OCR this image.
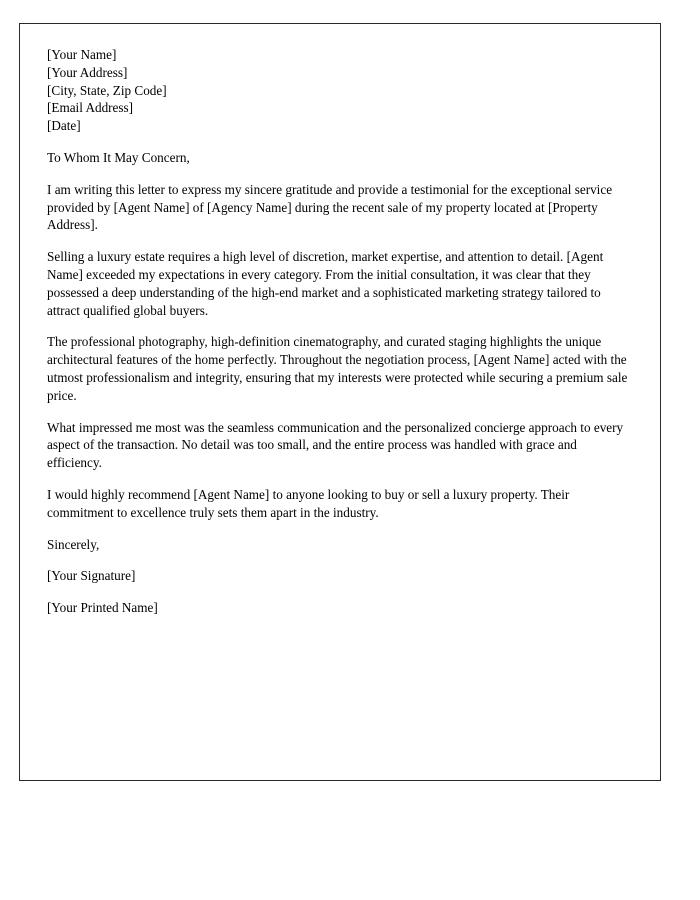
[Your Name]
[Your Address]
[City, State, Zip Code]
[Email Address]
[Date]
To Whom It May Concern,

I am writing this letter to express my sincere gratitude and provide a testimonial for the exceptional service provided by [Agent Name] of [Agency Name] during the recent sale of my property located at [Property Address].

Selling a luxury estate requires a high level of discretion, market expertise, and attention to detail. [Agent Name] exceeded my expectations in every category. From the initial consultation, it was clear that they possessed a deep understanding of the high-end market and a sophisticated marketing strategy tailored to attract qualified global buyers.

The professional photography, high-definition cinematography, and curated staging highlights the unique architectural features of the home perfectly. Throughout the negotiation process, [Agent Name] acted with the utmost professionalism and integrity, ensuring that my interests were protected while securing a premium sale price.

What impressed me most was the seamless communication and the personalized concierge approach to every aspect of the transaction. No detail was too small, and the entire process was handled with grace and efficiency.

I would highly recommend [Agent Name] to anyone looking to buy or sell a luxury property. Their commitment to excellence truly sets them apart in the industry.

Sincerely,
[Your Signature]
[Your Printed Name]
